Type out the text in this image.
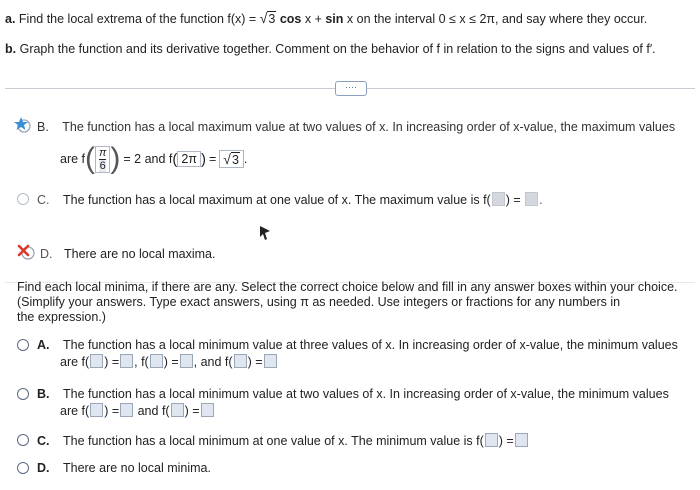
a. Find the local extrema of the function f(x) = √3 cos x + sin x on the interval 0 ≤ x ≤ 2π, and say where they occur.
b. Graph the function and its derivative together. Comment on the behavior of f in relation to the signs and values of f′.
····
B. The function has a local maximum value at two values of x. In increasing order of x-value, the maximum values
are f ( $\frac{\pi}{6}$ ) = 2 and f ( 2π ) = √3 .
C. The function has a local maximum at one value of x. The maximum value is f( ) = .
D. There are no local maxima.
Find each local minima, if there are any. Select the correct choice below and fill in any answer boxes within your choice.
(Simplify your answers. Type exact answers, using π as needed. Use integers or fractions for any numbers in
the expression.)
A. The function has a local minimum value at three values of x. In increasing order of x-value, the minimum values
are f( ) = , f( ) = , and f( ) =
B. The function has a local minimum value at two values of x. In increasing order of x-value, the minimum values
are f( ) = and f( ) =
C. The function has a local minimum at one value of x. The minimum value is f( ) =
D. There are no local minima.
